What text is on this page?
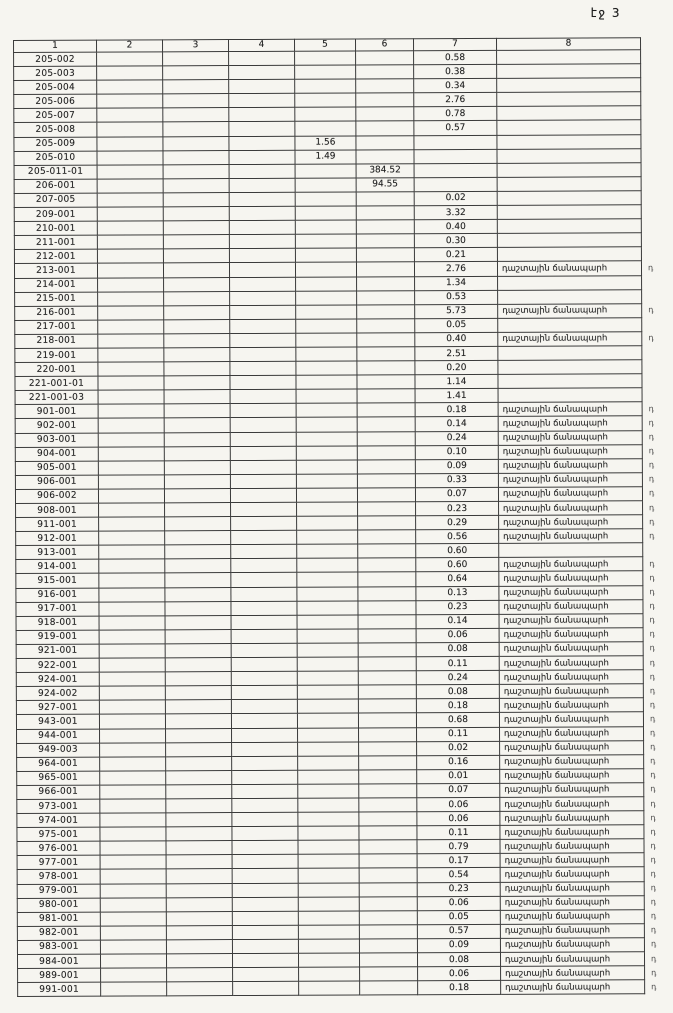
էջ 3
1	2	3	4	5	6	7	8	
205-002						0.58		
205-003						0.38		
205-004						0.34		
205-006						2.76		
205-007						0.78		
205-008						0.57		
205-009				1.56				
205-010				1.49				
205-011-01					384.52			
206-001					94.55			
207-005						0.02		
209-001						3.32		
210-001						0.40		
211-001						0.30		
212-001						0.21		
213-001						2.76	դաշտային ճանապարհ	դ
214-001						1.34		
215-001						0.53		
216-001						5.73	դաշտային ճանապարհ	դ
217-001						0.05		
218-001						0.40	դաշտային ճանապարհ	դ
219-001						2.51		
220-001						0.20		
221-001-01						1.14		
221-001-03						1.41		
901-001						0.18	դաշտային ճանապարհ	դ
902-001						0.14	դաշտային ճանապարհ	դ
903-001						0.24	դաշտային ճանապարհ	դ
904-001						0.10	դաշտային ճանապարհ	դ
905-001						0.09	դաշտային ճանապարհ	դ
906-001						0.33	դաշտային ճանապարհ	դ
906-002						0.07	դաշտային ճանապարհ	դ
908-001						0.23	դաշտային ճանապարհ	դ
911-001						0.29	դաշտային ճանապարհ	դ
912-001						0.56	դաշտային ճանապարհ	դ
913-001						0.60		
914-001						0.60	դաշտային ճանապարհ	դ
915-001						0.64	դաշտային ճանապարհ	դ
916-001						0.13	դաշտային ճանապարհ	դ
917-001						0.23	դաշտային ճանապարհ	դ
918-001						0.14	դաշտային ճանապարհ	դ
919-001						0.06	դաշտային ճանապարհ	դ
921-001						0.08	դաշտային ճանապարհ	դ
922-001						0.11	դաշտային ճանապարհ	դ
924-001						0.24	դաշտային ճանապարհ	դ
924-002						0.08	դաշտային ճանապարհ	դ
927-001						0.18	դաշտային ճանապարհ	դ
943-001						0.68	դաշտային ճանապարհ	դ
944-001						0.11	դաշտային ճանապարհ	դ
949-003						0.02	դաշտային ճանապարհ	դ
964-001						0.16	դաշտային ճանապարհ	դ
965-001						0.01	դաշտային ճանապարհ	դ
966-001						0.07	դաշտային ճանապարհ	դ
973-001						0.06	դաշտային ճանապարհ	դ
974-001						0.06	դաշտային ճանապարհ	դ
975-001						0.11	դաշտային ճանապարհ	դ
976-001						0.79	դաշտային ճանապարհ	դ
977-001						0.17	դաշտային ճանապարհ	դ
978-001						0.54	դաշտային ճանապարհ	դ
979-001						0.23	դաշտային ճանապարհ	դ
980-001						0.06	դաշտային ճանապարհ	դ
981-001						0.05	դաշտային ճանապարհ	դ
982-001						0.57	դաշտային ճանապարհ	դ
983-001						0.09	դաշտային ճանապարհ	դ
984-001						0.08	դաշտային ճանապարհ	դ
989-001						0.06	դաշտային ճանապարհ	դ
991-001						0.18	դաշտային ճանապարհ	դ
